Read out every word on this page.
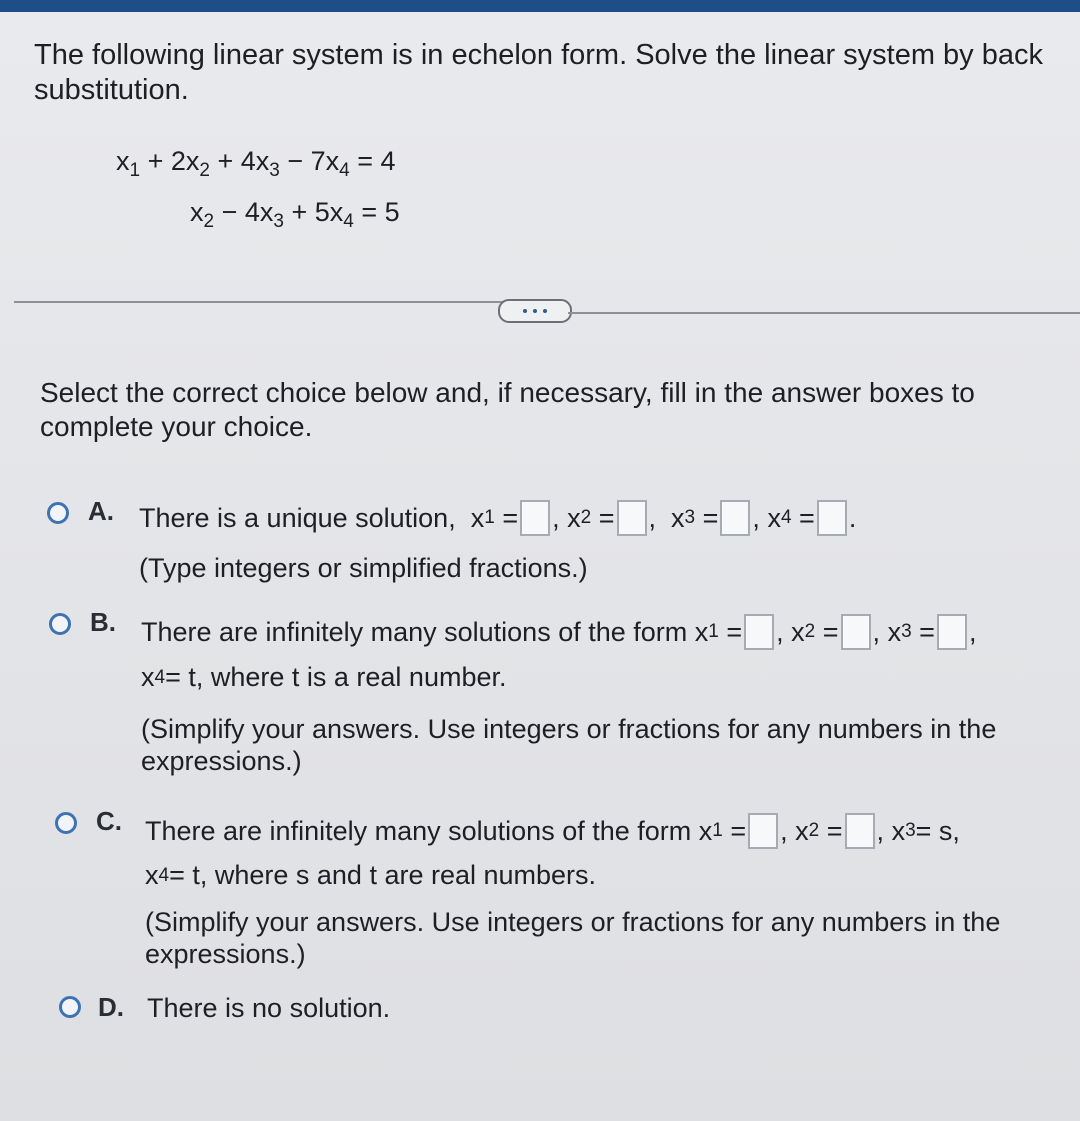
The following linear system is in echelon form. Solve the linear system by back substitution.
$x_1 + 2x_2 + 4x_3 - 7x_4 = 4$
$x_2 - 4x_3 + 5x_4 = 5$
Select the correct choice below and, if necessary, fill in the answer boxes to complete your choice.
A. There is a unique solution,
x 1
= ,
x 2
= ,
x 3
= ,
x 4
= .
(Type integers or simplified fractions.)
B. There are infinitely many solutions of the form
x 1
= ,
x 2
= ,
x 3
= ,
x 4 = t, where t is a real number.
(Simplify your answers. Use integers or fractions for any numbers in the expressions.)
C. There are infinitely many solutions of the form
x 1
= ,
x 2
= ,
x 3 = s,
x 4 = t, where s and t are real numbers.
(Simplify your answers. Use integers or fractions for any numbers in the expressions.)
D. There is no solution.
